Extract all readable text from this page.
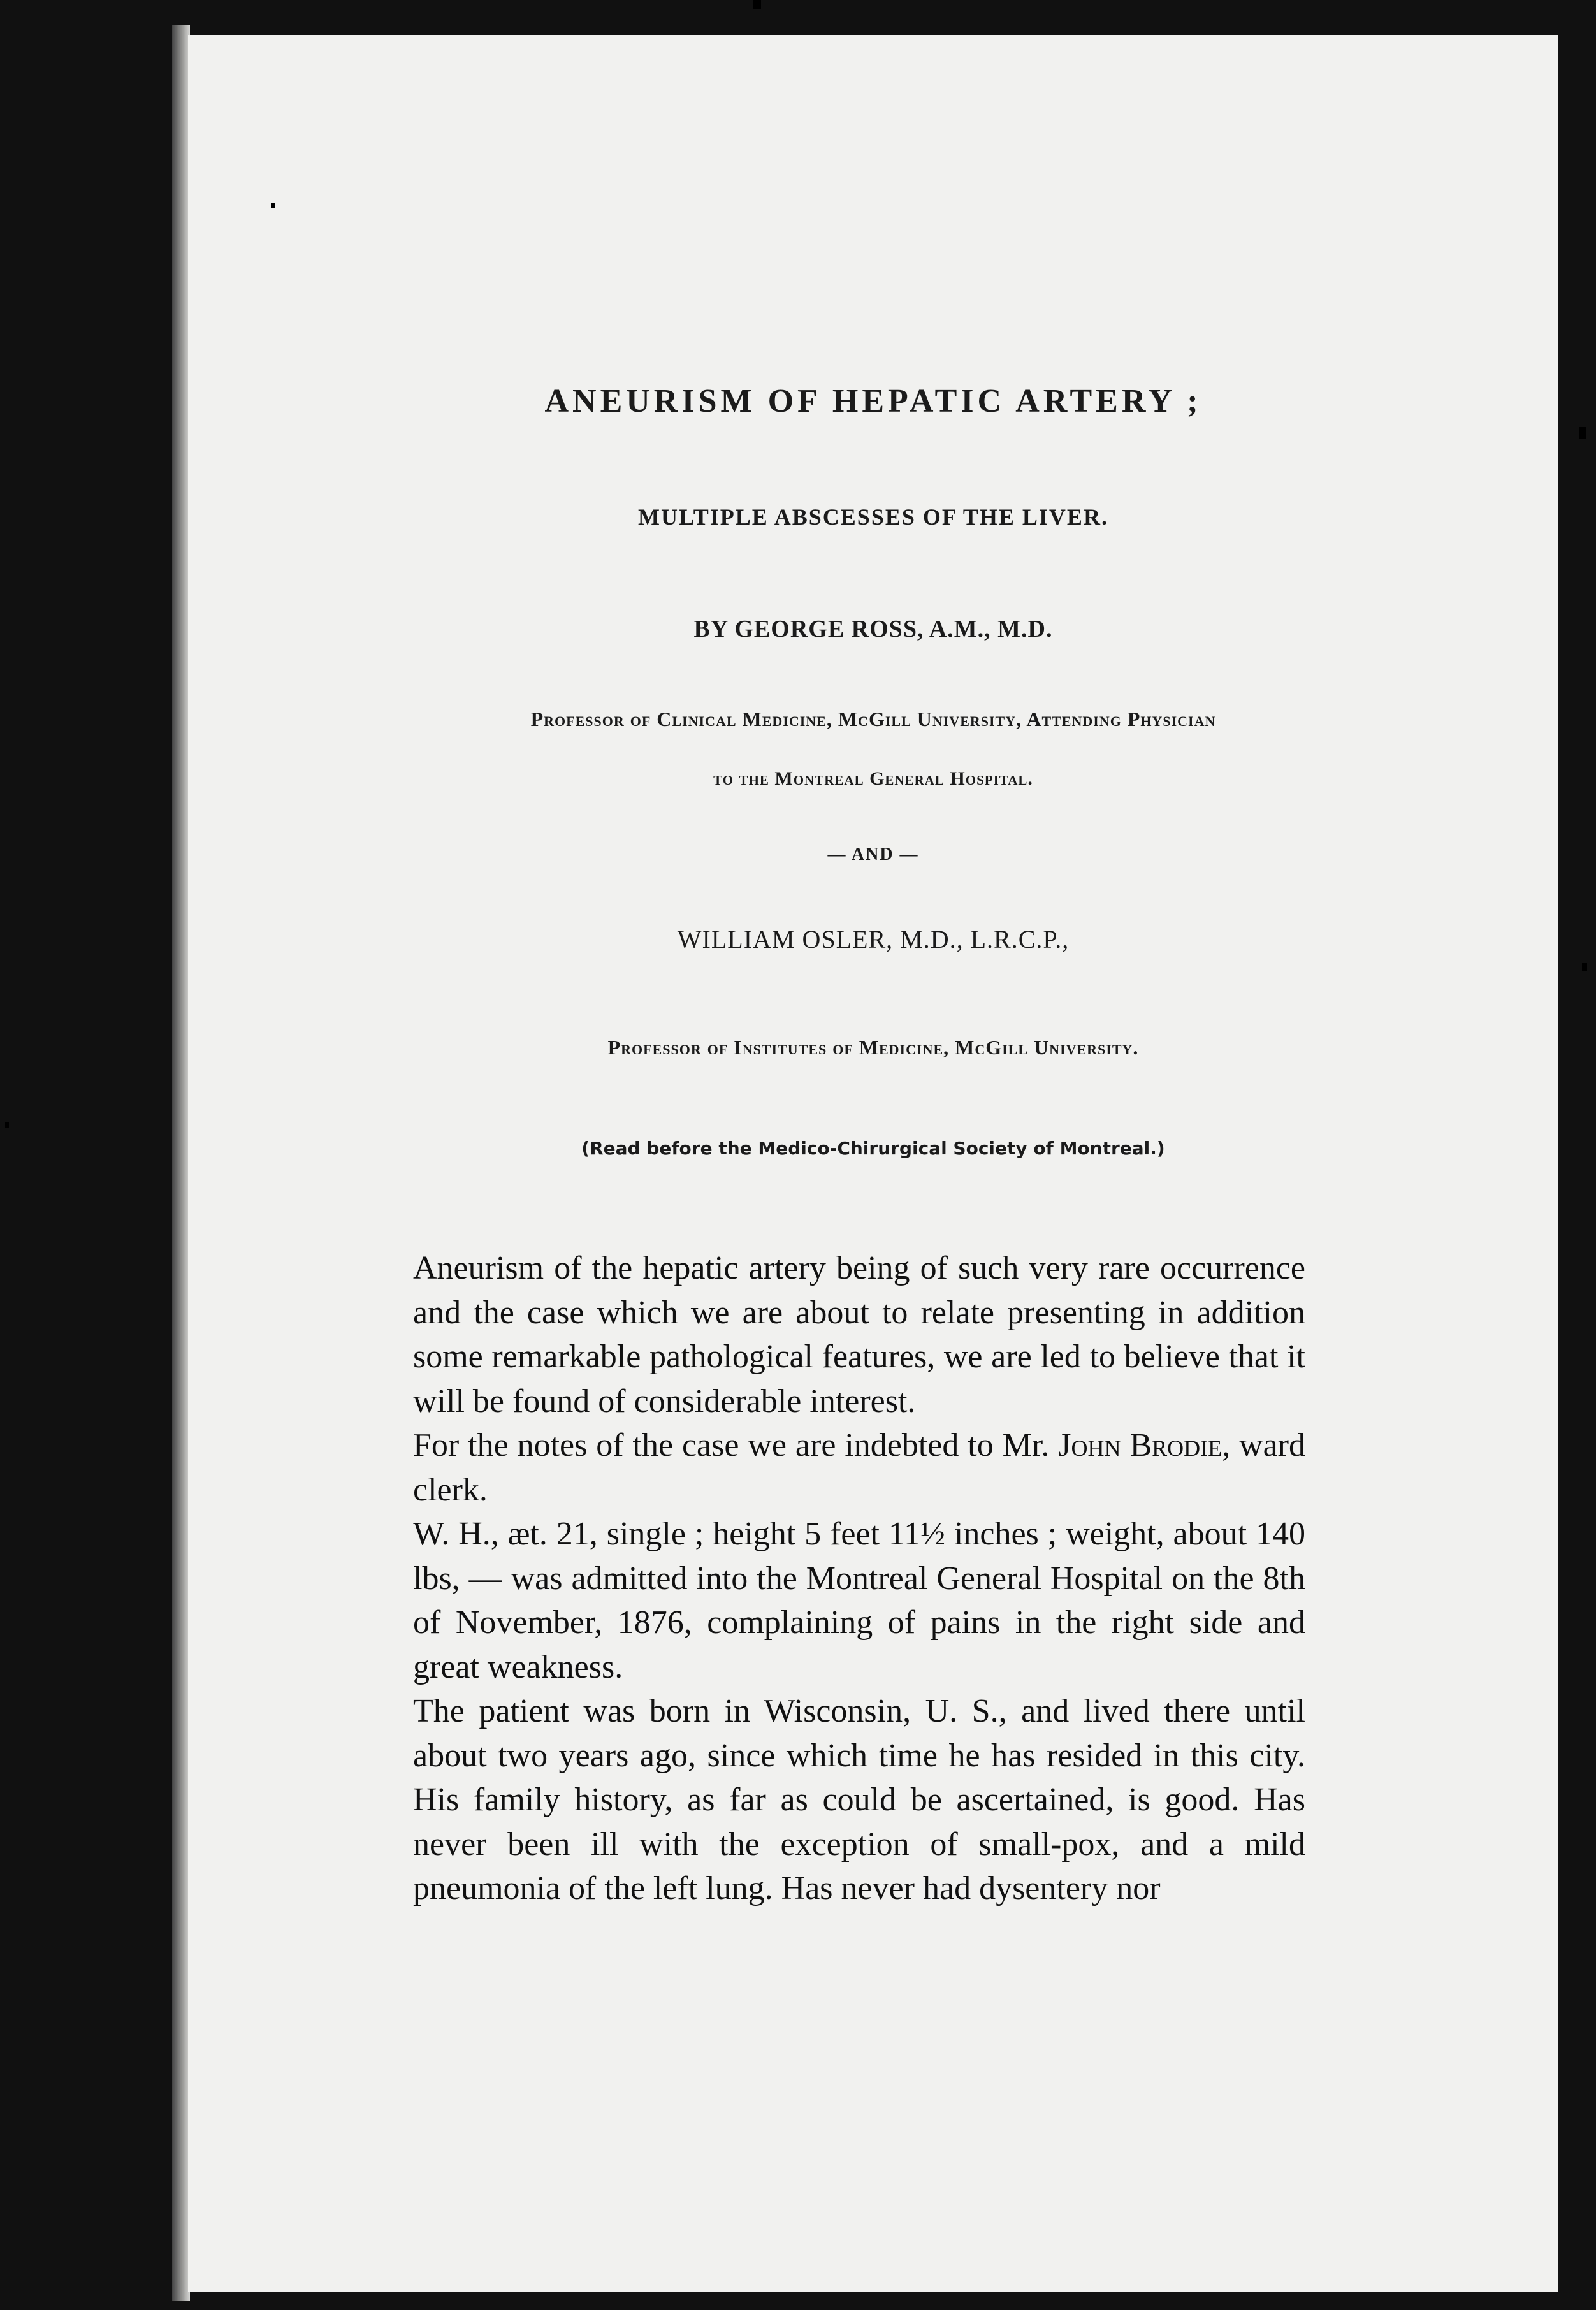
ANEURISM OF HEPATIC ARTERY ;
MULTIPLE ABSCESSES OF THE LIVER.
BY GEORGE ROSS, A.M., M.D.
Professor of Clinical Medicine, McGill University, Attending Physician
to the Montreal General Hospital.
— AND —
WILLIAM OSLER, M.D., L.R.C.P.,
Professor of Institutes of Medicine, McGill University.
(Read before the Medico-Chirurgical Society of Montreal.)

Aneurism of the hepatic artery being of such very rare occurrence and the case which we are about to relate presenting in addition some remarkable pathological features, we are led to believe that it will be found of considerable interest.

For the notes of the case we are indebted to Mr. John Brodie, ward clerk.

W. H., æt. 21, single ; height 5 feet 11½ inches ; weight, about 140 lbs, — was admitted into the Montreal General Hospital on the 8th of November, 1876, complaining of pains in the right side and great weakness.

The patient was born in Wisconsin, U. S., and lived there until about two years ago, since which time he has resided in this city. His family history, as far as could be ascertained, is good. Has never been ill with the exception of small-pox, and a mild pneumonia of the left lung. Has never had dysentery nor
